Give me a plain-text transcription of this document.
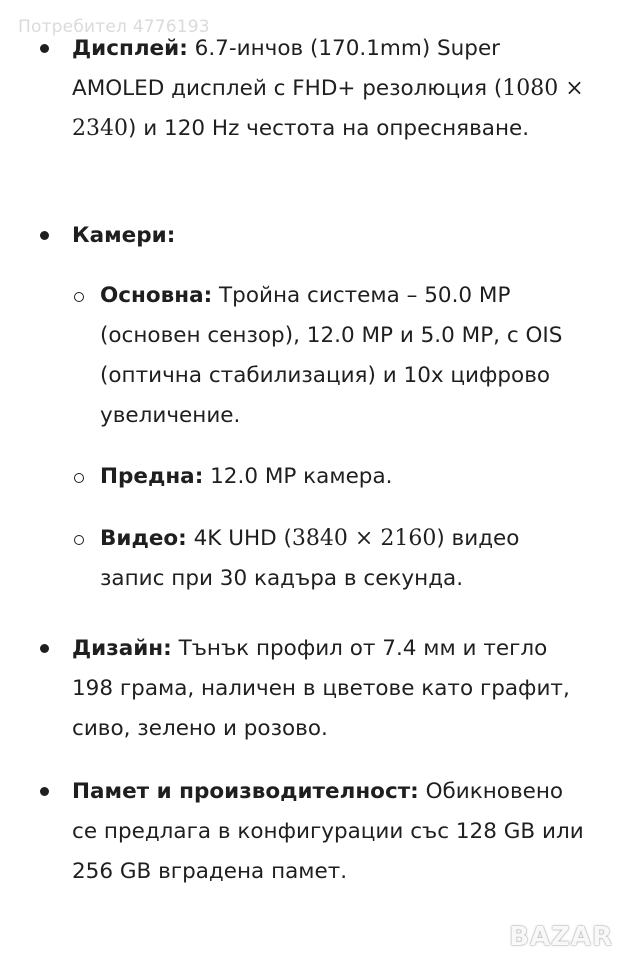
Потребител 4776193
Дисплей: 6.7-инчов (170.1mm) Super AMOLED дисплей с FHD+ резолюция (1080 × 2340) и 120 Hz честота на опресняване.
Камери:
Основна: Тройна система – 50.0 MP (основен сензор), 12.0 MP и 5.0 MP, с OIS (оптична стабилизация) и 10x цифрово увеличение.
Предна: 12.0 MP камера.
Видео: 4K UHD (3840 × 2160) видео запис при 30 кадъра в секунда.
Дизайн: Тънък профил от 7.4 мм и тегло 198 грама, наличен в цветове като графит, сиво, зелено и розово.
Памет и производителност: Обикновено се предлага в конфигурации със 128 GB или 256 GB вградена памет.
BAZAR
